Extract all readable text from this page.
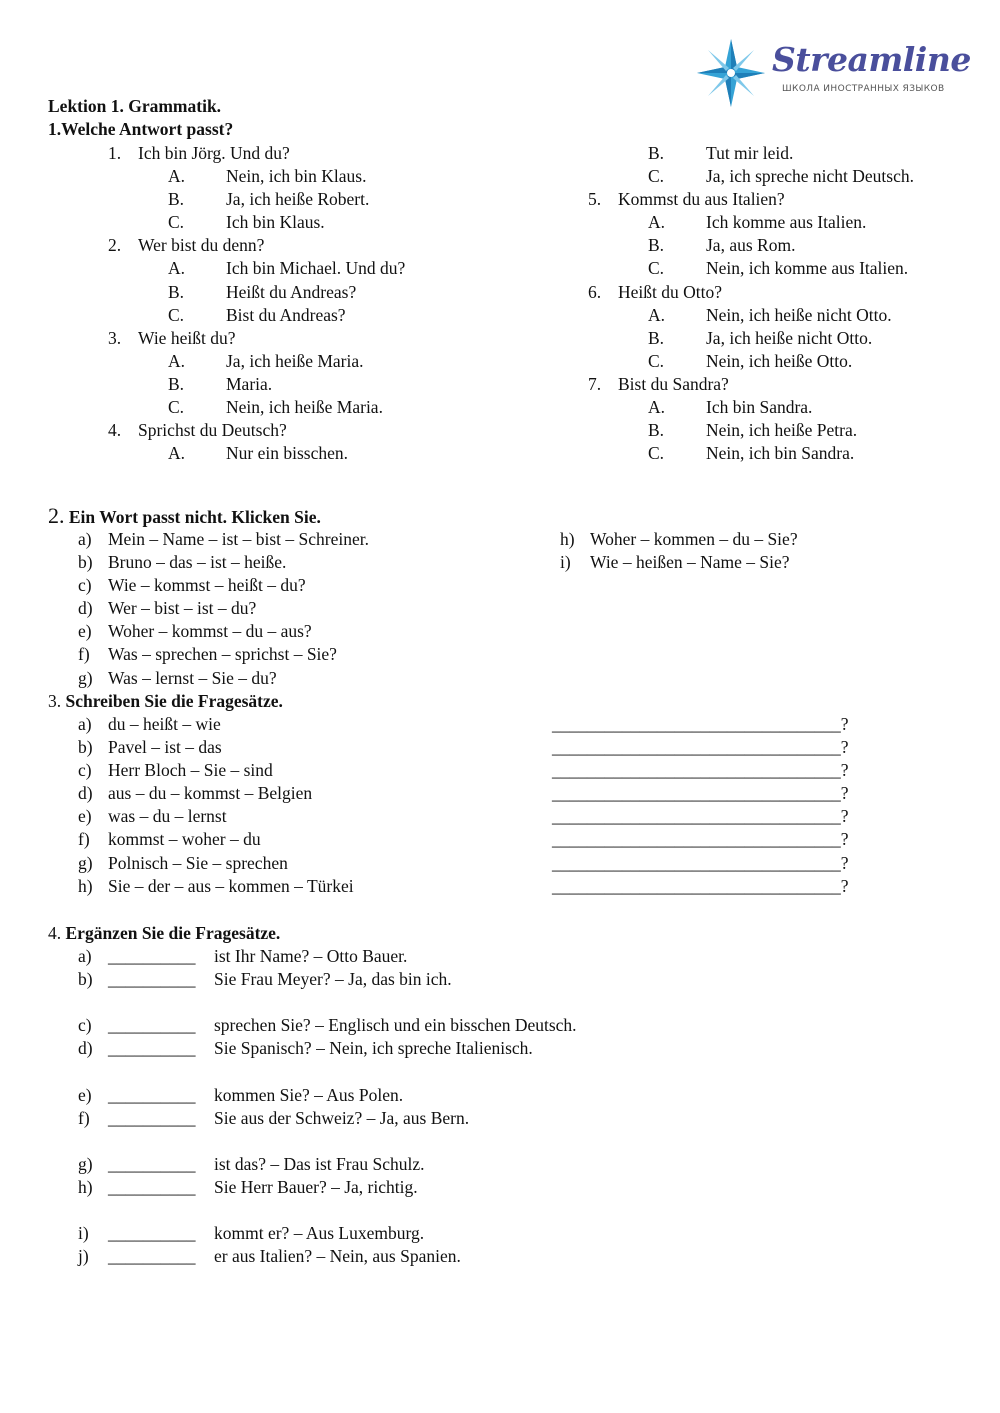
Streamline
ШКОЛА ИНОСТРАННЫХ ЯЗЫКОВ
Lektion 1. Grammatik.
1.Welche Antwort passt?
1. Ich bin Jörg. Und du?
A. Nein, ich bin Klaus.
B. Ja, ich heiße Robert.
C. Ich bin Klaus.
2. Wer bist du denn?
A. Ich bin Michael. Und du?
B. Heißt du Andreas?
C. Bist du Andreas?
3. Wie heißt du?
A. Ja, ich heiße Maria.
B. Maria.
C. Nein, ich heiße Maria.
4. Sprichst du Deutsch?
A. Nur ein bisschen.
B. Tut mir leid.
C. Ja, ich spreche nicht Deutsch.
5. Kommst du aus Italien?
A. Ich komme aus Italien.
B. Ja, aus Rom.
C. Nein, ich komme aus Italien.
6. Heißt du Otto?
A. Nein, ich heiße nicht Otto.
B. Ja, ich heiße nicht Otto.
C. Nein, ich heiße Otto.
7. Bist du Sandra?
A. Ich bin Sandra.
B. Nein, ich heiße Petra.
C. Nein, ich bin Sandra.
2. Ein Wort passt nicht. Klicken Sie.
a) Mein – Name – ist – bist – Schreiner.
b) Bruno – das – ist – heiße.
c) Wie – kommst – heißt – du?
d) Wer – bist – ist – du?
e) Woher – kommst – du – aus?
f) Was – sprechen – sprichst – Sie?
g) Was – lernst – Sie – du?
h) Woher – kommen – du – Sie?
i) Wie – heißen – Name – Sie?
3. Schreiben Sie die Fragesätze.
a) du – heißt – wie	_________________________________?
b) Pavel – ist – das	_________________________________?
c) Herr Bloch – Sie – sind	_________________________________?
d) aus – du – kommst – Belgien	_________________________________?
e) was – du – lernst	_________________________________?
f) kommst – woher – du	_________________________________?
g) Polnisch – Sie – sprechen	_________________________________?
h) Sie – der – aus – kommen – Türkei	_________________________________?
4. Ergänzen Sie die Fragesätze.
a) __________ ist Ihr Name? – Otto Bauer.
b) __________ Sie Frau Meyer? – Ja, das bin ich.
c) __________ sprechen Sie? – Englisch und ein bisschen Deutsch.
d) __________ Sie Spanisch? – Nein, ich spreche Italienisch.
e) __________ kommen Sie? – Aus Polen.
f) __________ Sie aus der Schweiz? – Ja, aus Bern.
g) __________ ist das? – Das ist Frau Schulz.
h) __________ Sie Herr Bauer? – Ja, richtig.
i) __________ kommt er? – Aus Luxemburg.
j) __________ er aus Italien? – Nein, aus Spanien.
